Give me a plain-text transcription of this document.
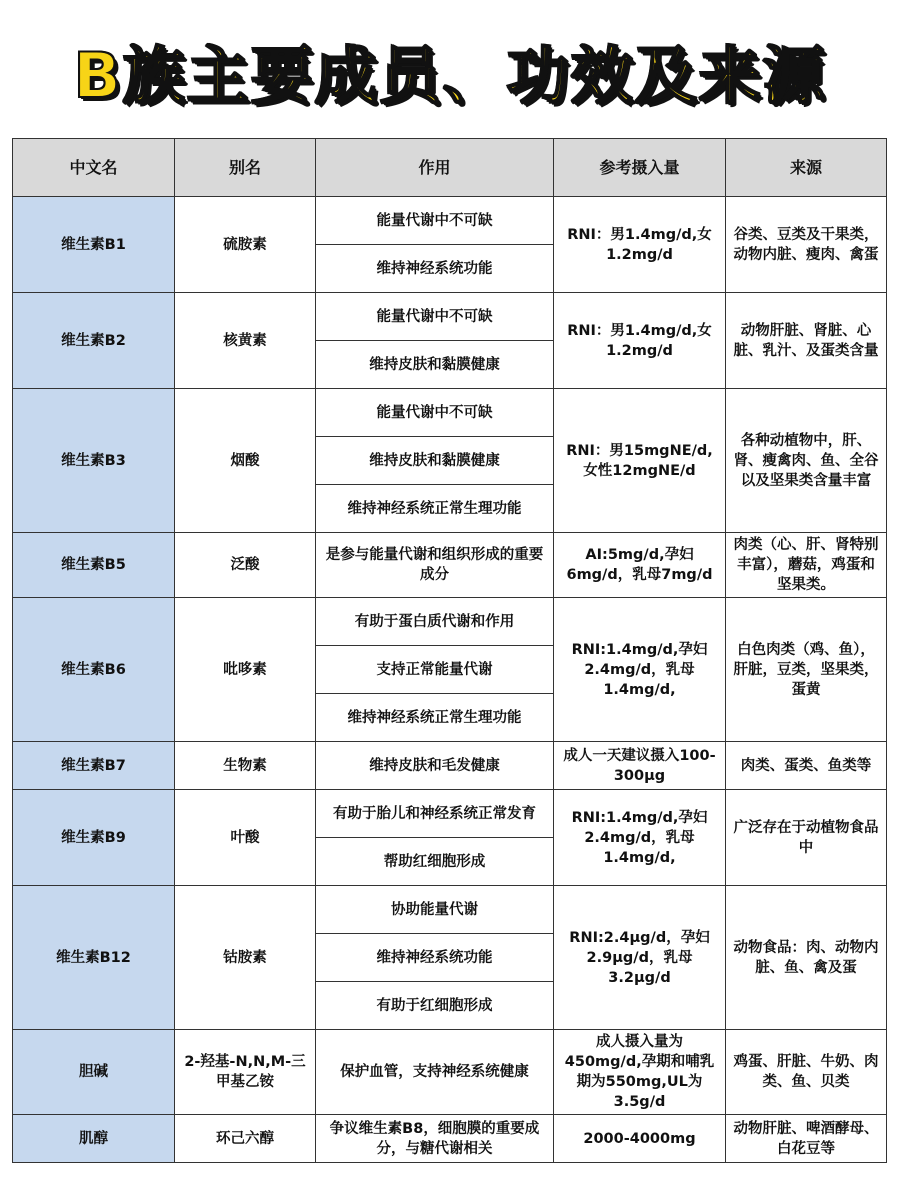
B族主要成员、功效及来源
中文名	别名	作用	参考摄入量	来源
维生素B1	硫胺素	能量代谢中不可缺	RNI：男1.4mg/d,女1.2mg/d	谷类、豆类及干果类，动物内脏、瘦肉、禽蛋
		维持神经系统功能		
维生素B2	核黄素	能量代谢中不可缺	RNI：男1.4mg/d,女1.2mg/d	动物肝脏、肾脏、心脏、乳汁、及蛋类含量
		维持皮肤和黏膜健康		
维生素B3	烟酸	能量代谢中不可缺	RNI：男15mgNE/d,女性12mgNE/d	各种动植物中，肝、肾、瘦禽肉、鱼、全谷以及坚果类含量丰富
		维持皮肤和黏膜健康		
		维持神经系统正常生理功能		
维生素B5	泛酸	是参与能量代谢和组织形成的重要成分	AI:5mg/d,孕妇6mg/d，乳母7mg/d	肉类（心、肝、肾特别丰富），蘑菇，鸡蛋和坚果类。
维生素B6	吡哆素	有助于蛋白质代谢和作用	RNI:1.4mg/d,孕妇2.4mg/d，乳母1.4mg/d,	白色肉类（鸡、鱼），肝脏，豆类，坚果类，蛋黄
		支持正常能量代谢		
		维持神经系统正常生理功能		
维生素B7	生物素	维持皮肤和毛发健康	成人一天建议摄入100-300μg	肉类、蛋类、鱼类等
维生素B9	叶酸	有助于胎儿和神经系统正常发育	RNI:1.4mg/d,孕妇2.4mg/d，乳母1.4mg/d,	广泛存在于动植物食品中
		帮助红细胞形成		
维生素B12	钴胺素	协助能量代谢	RNI:2.4μg/d，孕妇2.9μg/d，乳母3.2μg/d	动物食品：肉、动物内脏、鱼、禽及蛋
		维持神经系统功能		
		有助于红细胞形成		
胆碱	2-羟基-N,N,M-三甲基乙铵	保护血管，支持神经系统健康	成人摄入量为450mg/d,孕期和哺乳期为550mg,UL为3.5g/d	鸡蛋、肝脏、牛奶、肉类、鱼、贝类
肌醇	环己六醇	争议维生素B8，细胞膜的重要成分，与糖代谢相关	2000-4000mg	动物肝脏、啤酒酵母、白花豆等
